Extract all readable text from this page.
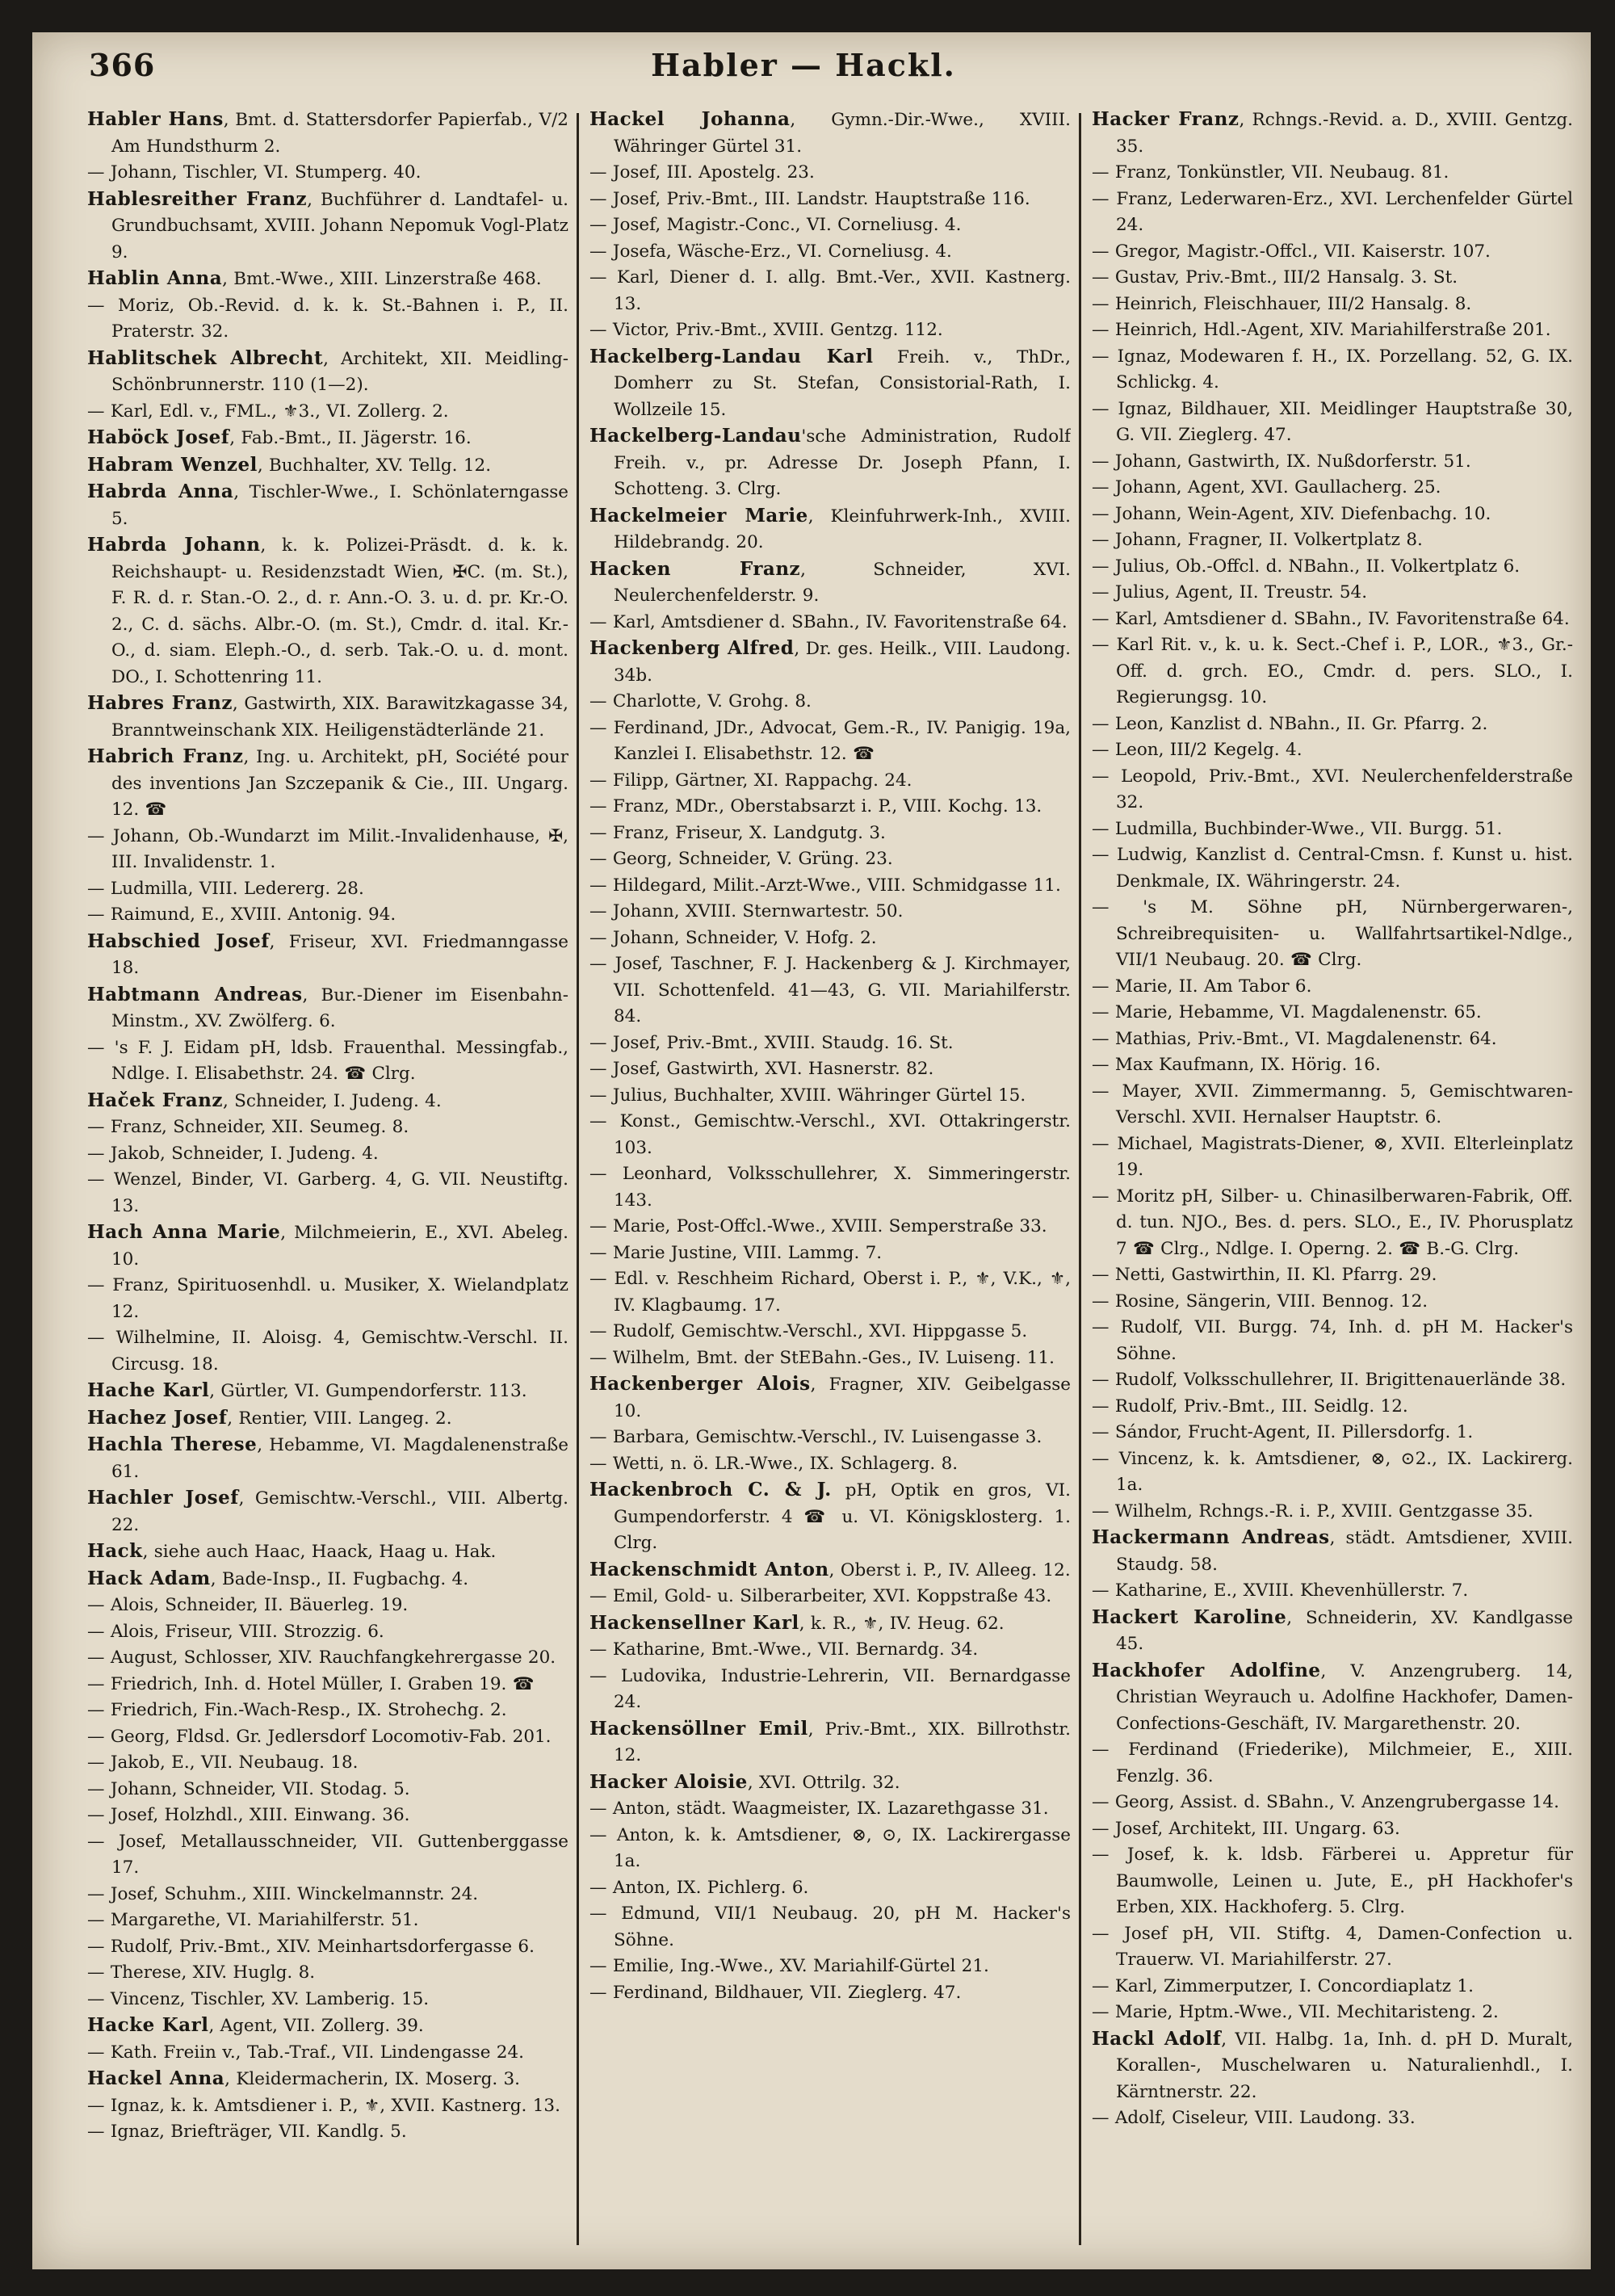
366	Habler — Hackl.

Habler Hans, Bmt. d. Stattersdorfer Papierfab., V/2 Am Hundsthurm 2.

— Johann, Tischler, VI. Stumperg. 40.

Hablesreither Franz, Buchführer d. Landtafel- u. Grundbuchsamt, XVIII. Johann Nepomuk Vogl-Platz 9.

Hablin Anna, Bmt.-Wwe., XIII. Linzerstraße 468.

— Moriz, Ob.-Revid. d. k. k. St.-Bahnen i. P., II. Praterstr. 32.

Hablitschek Albrecht, Architekt, XII. Meidling-Schönbrunnerstr. 110 (1—2).

— Karl, Edl. v., FML., ⚜3., VI. Zollerg. 2.

Haböck Josef, Fab.-Bmt., II. Jägerstr. 16.

Habram Wenzel, Buchhalter, XV. Tellg. 12.

Habrda Anna, Tischler-Wwe., I. Schönlaterngasse 5.

Habrda Johann, k. k. Polizei-Präsdt. d. k. k. Reichshaupt- u. Residenzstadt Wien, ✠C. (m. St.), F. R. d. r. Stan.-O. 2., d. r. Ann.-O. 3. u. d. pr. Kr.-O. 2., C. d. sächs. Albr.-O. (m. St.), Cmdr. d. ital. Kr.-O., d. siam. Eleph.-O., d. serb. Tak.-O. u. d. mont. DO., I. Schottenring 11.

Habres Franz, Gastwirth, XIX. Barawitzkagasse 34, Branntweinschank XIX. Heiligenstädterlände 21.

Habrich Franz, Ing. u. Architekt, pH, Société pour des inventions Jan Szczepanik & Cie., III. Ungarg. 12. ☎

— Johann, Ob.-Wundarzt im Milit.-Invalidenhause, ✠, III. Invalidenstr. 1.

— Ludmilla, VIII. Ledererg. 28.

— Raimund, E., XVIII. Antonig. 94.

Habschied Josef, Friseur, XVI. Friedmanngasse 18.

Habtmann Andreas, Bur.-Diener im Eisenbahn-Minstm., XV. Zwölferg. 6.

— 's F. J. Eidam pH, ldsb. Frauenthal. Messingfab., Ndlge. I. Elisabethstr. 24. ☎ Clrg.

Haček Franz, Schneider, I. Judeng. 4.

— Franz, Schneider, XII. Seumeg. 8.

— Jakob, Schneider, I. Judeng. 4.

— Wenzel, Binder, VI. Garberg. 4, G. VII. Neustiftg. 13.

Hach Anna Marie, Milchmeierin, E., XVI. Abeleg. 10.

— Franz, Spirituosenhdl. u. Musiker, X. Wielandplatz 12.

— Wilhelmine, II. Aloisg. 4, Gemischtw.-Verschl. II. Circusg. 18.

Hache Karl, Gürtler, VI. Gumpendorferstr. 113.

Hachez Josef, Rentier, VIII. Langeg. 2.

Hachla Therese, Hebamme, VI. Magdalenenstraße 61.

Hachler Josef, Gemischtw.-Verschl., VIII. Albertg. 22.

Hack, siehe auch Haac, Haack, Haag u. Hak.

Hack Adam, Bade-Insp., II. Fugbachg. 4.

— Alois, Schneider, II. Bäuerleg. 19.

— Alois, Friseur, VIII. Strozzig. 6.

— August, Schlosser, XIV. Rauchfangkehrergasse 20.

— Friedrich, Inh. d. Hotel Müller, I. Graben 19. ☎

— Friedrich, Fin.-Wach-Resp., IX. Strohechg. 2.

— Georg, Fldsd. Gr. Jedlersdorf Locomotiv-Fab. 201.

— Jakob, E., VII. Neubaug. 18.

— Johann, Schneider, VII. Stodag. 5.

— Josef, Holzhdl., XIII. Einwang. 36.

— Josef, Metallausschneider, VII. Guttenberggasse 17.

— Josef, Schuhm., XIII. Winckelmannstr. 24.

— Margarethe, VI. Mariahilferstr. 51.

— Rudolf, Priv.-Bmt., XIV. Meinhartsdorfergasse 6.

— Therese, XIV. Huglg. 8.

— Vincenz, Tischler, XV. Lamberig. 15.

Hacke Karl, Agent, VII. Zollerg. 39.

— Kath. Freiin v., Tab.-Traf., VII. Lindengasse 24.

Hackel Anna, Kleidermacherin, IX. Moserg. 3.

— Ignaz, k. k. Amtsdiener i. P., ⚜, XVII. Kastnerg. 13.

— Ignaz, Briefträger, VII. Kandlg. 5.

Hackel Johanna, Gymn.-Dir.-Wwe., XVIII. Währinger Gürtel 31.

— Josef, III. Apostelg. 23.

— Josef, Priv.-Bmt., III. Landstr. Hauptstraße 116.

— Josef, Magistr.-Conc., VI. Corneliusg. 4.

— Josefa, Wäsche-Erz., VI. Corneliusg. 4.

— Karl, Diener d. I. allg. Bmt.-Ver., XVII. Kastnerg. 13.

— Victor, Priv.-Bmt., XVIII. Gentzg. 112.

Hackelberg-Landau Karl Freih. v., ThDr., Domherr zu St. Stefan, Consistorial-Rath, I. Wollzeile 15.

Hackelberg-Landau'sche Administration, Rudolf Freih. v., pr. Adresse Dr. Joseph Pfann, I. Schotteng. 3. Clrg.

Hackelmeier Marie, Kleinfuhrwerk-Inh., XVIII. Hildebrandg. 20.

Hacken Franz, Schneider, XVI. Neulerchenfelderstr. 9.

— Karl, Amtsdiener d. SBahn., IV. Favoritenstraße 64.

Hackenberg Alfred, Dr. ges. Heilk., VIII. Laudong. 34b.

— Charlotte, V. Grohg. 8.

— Ferdinand, JDr., Advocat, Gem.-R., IV. Panigig. 19a, Kanzlei I. Elisabethstr. 12. ☎

— Filipp, Gärtner, XI. Rappachg. 24.

— Franz, MDr., Oberstabsarzt i. P., VIII. Kochg. 13.

— Franz, Friseur, X. Landgutg. 3.

— Georg, Schneider, V. Grüng. 23.

— Hildegard, Milit.-Arzt-Wwe., VIII. Schmidgasse 11.

— Johann, XVIII. Sternwartestr. 50.

— Johann, Schneider, V. Hofg. 2.

— Josef, Taschner, F. J. Hackenberg & J. Kirchmayer, VII. Schottenfeld. 41—43, G. VII. Mariahilferstr. 84.

— Josef, Priv.-Bmt., XVIII. Staudg. 16. St.

— Josef, Gastwirth, XVI. Hasnerstr. 82.

— Julius, Buchhalter, XVIII. Währinger Gürtel 15.

— Konst., Gemischtw.-Verschl., XVI. Ottakringerstr. 103.

— Leonhard, Volksschullehrer, X. Simmeringerstr. 143.

— Marie, Post-Offcl.-Wwe., XVIII. Semperstraße 33.

— Marie Justine, VIII. Lammg. 7.

— Edl. v. Reschheim Richard, Oberst i. P., ⚜, V.K., ⚜, IV. Klagbaumg. 17.

— Rudolf, Gemischtw.-Verschl., XVI. Hippgasse 5.

— Wilhelm, Bmt. der StEBahn.-Ges., IV. Luiseng. 11.

Hackenberger Alois, Fragner, XIV. Geibelgasse 10.

— Barbara, Gemischtw.-Verschl., IV. Luisengasse 3.

— Wetti, n. ö. LR.-Wwe., IX. Schlagerg. 8.

Hackenbroch C. & J. pH, Optik en gros, VI. Gumpendorferstr. 4 ☎ u. VI. Königsklosterg. 1. Clrg.

Hackenschmidt Anton, Oberst i. P., IV. Alleeg. 12.

— Emil, Gold- u. Silberarbeiter, XVI. Koppstraße 43.

Hackensellner Karl, k. R., ⚜, IV. Heug. 62.

— Katharine, Bmt.-Wwe., VII. Bernardg. 34.

— Ludovika, Industrie-Lehrerin, VII. Bernardgasse 24.

Hackensöllner Emil, Priv.-Bmt., XIX. Billrothstr. 12.

Hacker Aloisie, XVI. Ottrilg. 32.

— Anton, städt. Waagmeister, IX. Lazarethgasse 31.

— Anton, k. k. Amtsdiener, ⊗, ⊙, IX. Lackirergasse 1a.

— Anton, IX. Pichlerg. 6.

— Edmund, VII/1 Neubaug. 20, pH M. Hacker's Söhne.

— Emilie, Ing.-Wwe., XV. Mariahilf-Gürtel 21.

— Ferdinand, Bildhauer, VII. Zieglerg. 47.

Hacker Franz, Rchngs.-Revid. a. D., XVIII. Gentzg. 35.

— Franz, Tonkünstler, VII. Neubaug. 81.

— Franz, Lederwaren-Erz., XVI. Lerchenfelder Gürtel 24.

— Gregor, Magistr.-Offcl., VII. Kaiserstr. 107.

— Gustav, Priv.-Bmt., III/2 Hansalg. 3. St.

— Heinrich, Fleischhauer, III/2 Hansalg. 8.

— Heinrich, Hdl.-Agent, XIV. Mariahilferstraße 201.

— Ignaz, Modewaren f. H., IX. Porzellang. 52, G. IX. Schlickg. 4.

— Ignaz, Bildhauer, XII. Meidlinger Hauptstraße 30, G. VII. Zieglerg. 47.

— Johann, Gastwirth, IX. Nußdorferstr. 51.

— Johann, Agent, XVI. Gaullacherg. 25.

— Johann, Wein-Agent, XIV. Diefenbachg. 10.

— Johann, Fragner, II. Volkertplatz 8.

— Julius, Ob.-Offcl. d. NBahn., II. Volkertplatz 6.

— Julius, Agent, II. Treustr. 54.

— Karl, Amtsdiener d. SBahn., IV. Favoritenstraße 64.

— Karl Rit. v., k. u. k. Sect.-Chef i. P., LOR., ⚜3., Gr.-Off. d. grch. EO., Cmdr. d. pers. SLO., I. Regierungsg. 10.

— Leon, Kanzlist d. NBahn., II. Gr. Pfarrg. 2.

— Leon, III/2 Kegelg. 4.

— Leopold, Priv.-Bmt., XVI. Neulerchenfelderstraße 32.

— Ludmilla, Buchbinder-Wwe., VII. Burgg. 51.

— Ludwig, Kanzlist d. Central-Cmsn. f. Kunst u. hist. Denkmale, IX. Währingerstr. 24.

— 's M. Söhne pH, Nürnbergerwaren-, Schreibrequisiten- u. Wallfahrtsartikel-Ndlge., VII/1 Neubaug. 20. ☎ Clrg.

— Marie, II. Am Tabor 6.

— Marie, Hebamme, VI. Magdalenenstr. 65.

— Mathias, Priv.-Bmt., VI. Magdalenenstr. 64.

— Max Kaufmann, IX. Hörig. 16.

— Mayer, XVII. Zimmermanng. 5, Gemischtwaren-Verschl. XVII. Hernalser Hauptstr. 6.

— Michael, Magistrats-Diener, ⊗, XVII. Elterleinplatz 19.

— Moritz pH, Silber- u. Chinasilberwaren-Fabrik, Off. d. tun. NJO., Bes. d. pers. SLO., E., IV. Phorusplatz 7 ☎ Clrg., Ndlge. I. Operng. 2. ☎ B.-G. Clrg.

— Netti, Gastwirthin, II. Kl. Pfarrg. 29.

— Rosine, Sängerin, VIII. Bennog. 12.

— Rudolf, VII. Burgg. 74, Inh. d. pH M. Hacker's Söhne.

— Rudolf, Volksschullehrer, II. Brigittenauerlände 38.

— Rudolf, Priv.-Bmt., III. Seidlg. 12.

— Sándor, Frucht-Agent, II. Pillersdorfg. 1.

— Vincenz, k. k. Amtsdiener, ⊗, ⊙2., IX. Lackirerg. 1a.

— Wilhelm, Rchngs.-R. i. P., XVIII. Gentzgasse 35.

Hackermann Andreas, städt. Amtsdiener, XVIII. Staudg. 58.

— Katharine, E., XVIII. Khevenhüllerstr. 7.

Hackert Karoline, Schneiderin, XV. Kandlgasse 45.

Hackhofer Adolfine, V. Anzengruberg. 14, Christian Weyrauch u. Adolfine Hackhofer, Damen-Confections-Geschäft, IV. Margarethenstr. 20.

— Ferdinand (Friederike), Milchmeier, E., XIII. Fenzlg. 36.

— Georg, Assist. d. SBahn., V. Anzengrubergasse 14.

— Josef, Architekt, III. Ungarg. 63.

— Josef, k. k. ldsb. Färberei u. Appretur für Baumwolle, Leinen u. Jute, E., pH Hackhofer's Erben, XIX. Hackhoferg. 5. Clrg.

— Josef pH, VII. Stiftg. 4, Damen-Confection u. Trauerw. VI. Mariahilferstr. 27.

— Karl, Zimmerputzer, I. Concordiaplatz 1.

— Marie, Hptm.-Wwe., VII. Mechitaristeng. 2.

Hackl Adolf, VII. Halbg. 1a, Inh. d. pH D. Muralt, Korallen-, Muschelwaren u. Naturalienhdl., I. Kärntnerstr. 22.

— Adolf, Ciseleur, VIII. Laudong. 33.
